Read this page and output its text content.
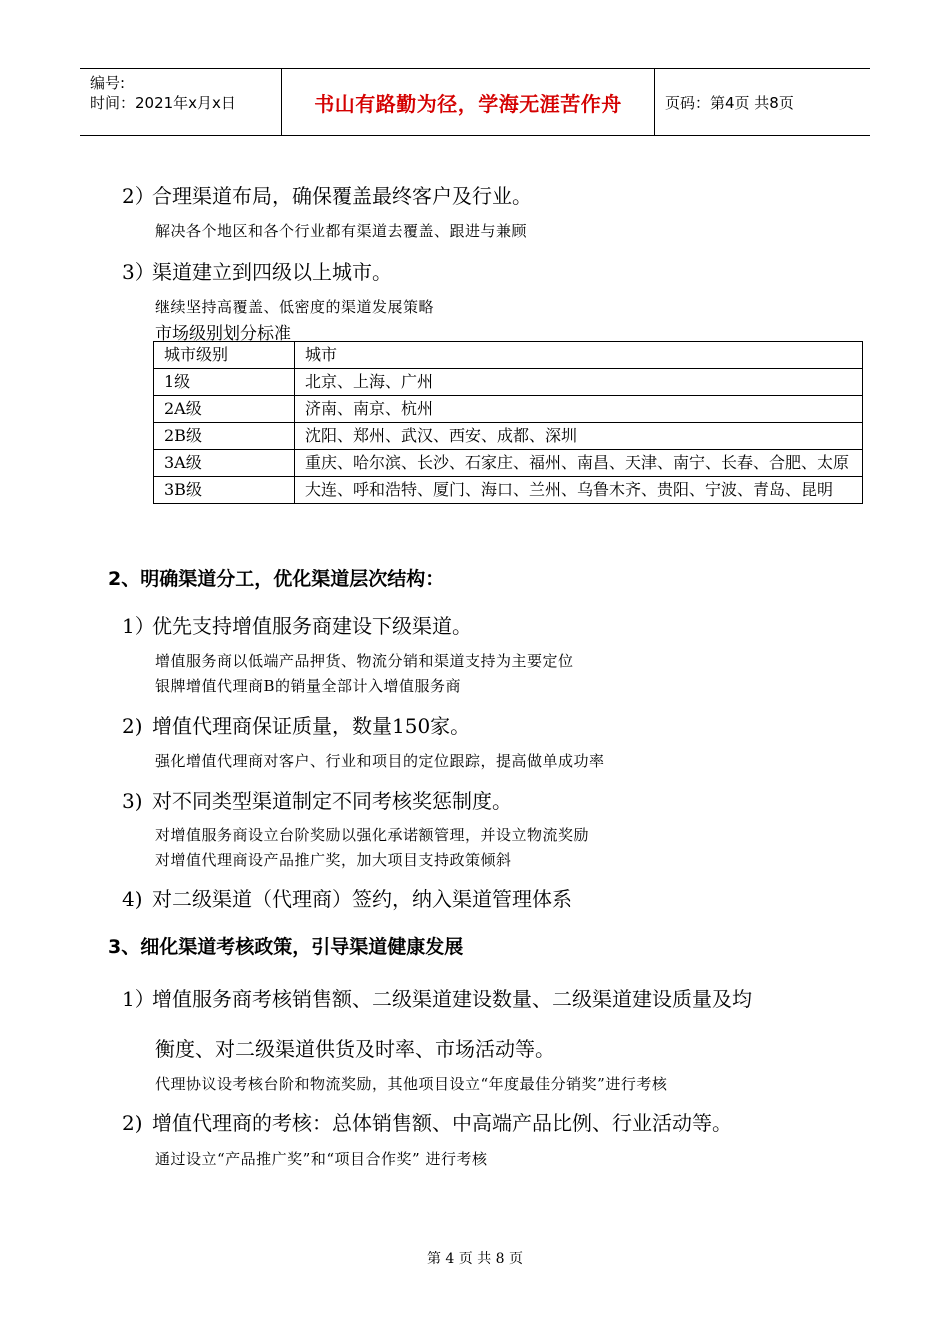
编号:
时间：2021年x月x日	书山有路勤为径，学海无涯苦作舟	页码：第4页 共8页
2）合理渠道布局，确保覆盖最终客户及行业。
解决各个地区和各个行业都有渠道去覆盖、跟进与兼顾
3）渠道建立到四级以上城市。
继续坚持高覆盖、低密度的渠道发展策略
市场级别划分标准
城市级别	城市
1级	北京、上海、广州
2A级	济南、南京、杭州
2B级	沈阳、郑州、武汉、西安、成都、深圳
3A级	重庆、哈尔滨、长沙、石家庄、福州、南昌、天津、南宁、长春、合肥、太原
3B级	大连、呼和浩特、厦门、海口、兰州、乌鲁木齐、贵阳、宁波、青岛、昆明
2、明确渠道分工，优化渠道层次结构：
1）优先支持增值服务商建设下级渠道。
增值服务商以低端产品押货、物流分销和渠道支持为主要定位
银牌增值代理商B的销量全部计入增值服务商
2) 增值代理商保证质量，数量150家。
强化增值代理商对客户、行业和项目的定位跟踪，提高做单成功率
3) 对不同类型渠道制定不同考核奖惩制度。
对增值服务商设立台阶奖励以强化承诺额管理，并设立物流奖励
对增值代理商设产品推广奖，加大项目支持政策倾斜
4) 对二级渠道（代理商）签约，纳入渠道管理体系
3、细化渠道考核政策，引导渠道健康发展
1）增值服务商考核销售额、二级渠道建设数量、二级渠道建设质量及均
衡度、对二级渠道供货及时率、市场活动等。
代理协议设考核台阶和物流奖励，其他项目设立“年度最佳分销奖”进行考核
2) 增值代理商的考核：总体销售额、中高端产品比例、行业活动等。
通过设立“产品推广奖”和“项目合作奖” 进行考核
第 4 页 共 8 页
